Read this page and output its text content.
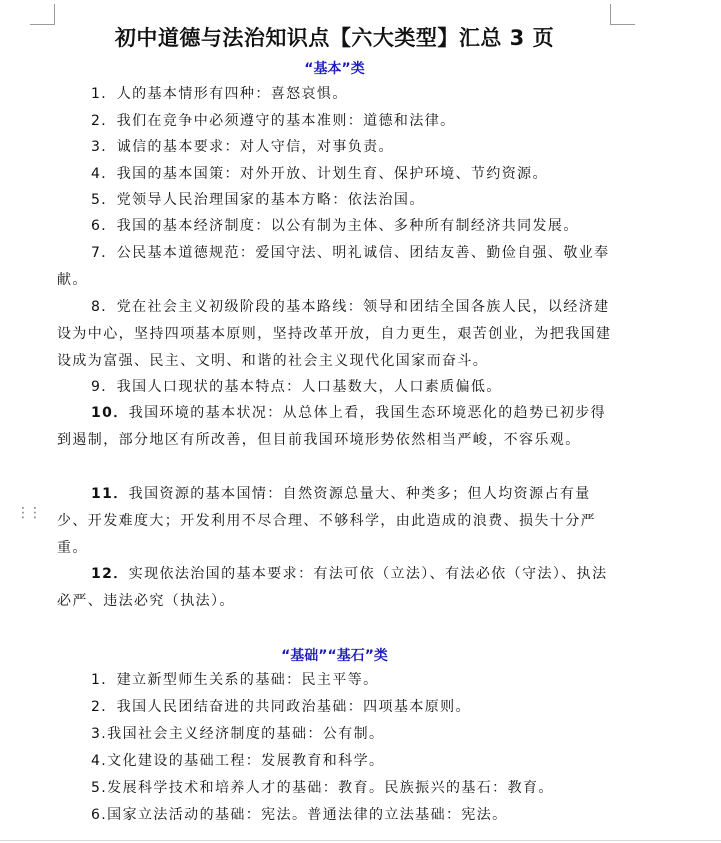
⋮⋮
初中道德与法治知识点【六大类型】汇总 3 页
“基本”类
1．人的基本情形有四种：喜怒哀惧。
2．我们在竞争中必须遵守的基本准则：道德和法律。
3．诚信的基本要求：对人守信，对事负责。
4．我国的基本国策：对外开放、计划生育、保护环境、节约资源。
5．党领导人民治理国家的基本方略：依法治国。
6．我国的基本经济制度：以公有制为主体、多种所有制经济共同发展。
7．公民基本道德规范：爱国守法、明礼诚信、团结友善、勤俭自强、敬业奉献。
8．党在社会主义初级阶段的基本路线：领导和团结全国各族人民，以经济建设为中心，坚持四项基本原则，坚持改革开放，自力更生，艰苦创业，为把我国建设成为富强、民主、文明、和谐的社会主义现代化国家而奋斗。
9．我国人口现状的基本特点：人口基数大，人口素质偏低。
10．我国环境的基本状况：从总体上看，我国生态环境恶化的趋势已初步得到遏制，部分地区有所改善，但目前我国环境形势依然相当严峻，不容乐观。
11．我国资源的基本国情：自然资源总量大、种类多；但人均资源占有量少、开发难度大；开发利用不尽合理、不够科学，由此造成的浪费、损失十分严重。
12．实现依法治国的基本要求：有法可依（立法）、有法必依（守法）、执法必严、违法必究（执法）。
“基础”“基石”类
1．建立新型师生关系的基础：民主平等。
2．我国人民团结奋进的共同政治基础：四项基本原则。
3.我国社会主义经济制度的基础：公有制。
4.文化建设的基础工程：发展教育和科学。
5.发展科学技术和培养人才的基础：教育。民族振兴的基石：教育。
6.国家立法活动的基础：宪法。普通法律的立法基础：宪法。
